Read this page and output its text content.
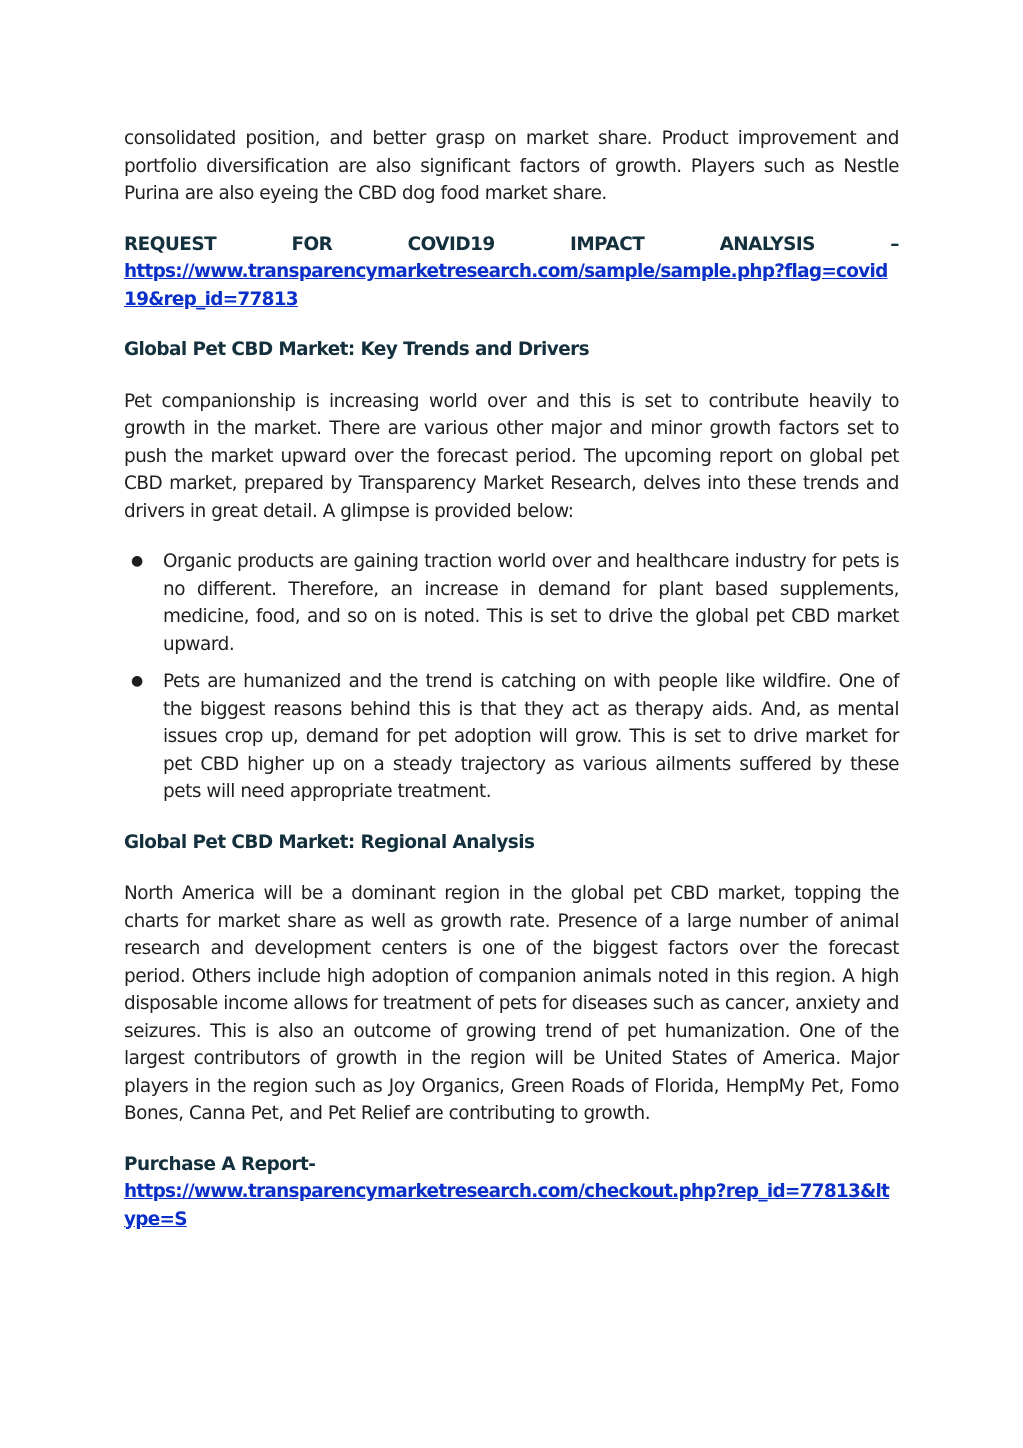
consolidated position, and better grasp on market share. Product improvement and portfolio diversification are also significant factors of growth. Players such as Nestle Purina are also eyeing the CBD dog food market share.

REQUEST	FOR	COVID19	IMPACT	ANALYSIS	–
https://www.transparencymarketresearch.com/sample/sample.php?flag=covid19&rep_id=77813
Global Pet CBD Market: Key Trends and Drivers

Pet companionship is increasing world over and this is set to contribute heavily to growth in the market. There are various other major and minor growth factors set to push the market upward over the forecast period. The upcoming report on global pet CBD market, prepared by Transparency Market Research, delves into these trends and drivers in great detail. A glimpse is provided below:

● Organic products are gaining traction world over and healthcare industry for pets is no different. Therefore, an increase in demand for plant based supplements, medicine, food, and so on is noted. This is set to drive the global pet CBD market upward.
● Pets are humanized and the trend is catching on with people like wildfire. One of the biggest reasons behind this is that they act as therapy aids. And, as mental issues crop up, demand for pet adoption will grow. This is set to drive market for pet CBD higher up on a steady trajectory as various ailments suffered by these pets will need appropriate treatment.
Global Pet CBD Market: Regional Analysis

North America will be a dominant region in the global pet CBD market, topping the charts for market share as well as growth rate. Presence of a large number of animal research and development centers is one of the biggest factors over the forecast period. Others include high adoption of companion animals noted in this region. A high disposable income allows for treatment of pets for diseases such as cancer, anxiety and seizures. This is also an outcome of growing trend of pet humanization. One of the largest contributors of growth in the region will be United States of America. Major players in the region such as Joy Organics, Green Roads of Florida, HempMy Pet, Fomo Bones, Canna Pet, and Pet Relief are contributing to growth.

Purchase A Report-
https://www.transparencymarketresearch.com/checkout.php?rep_id=77813&ltype=S
